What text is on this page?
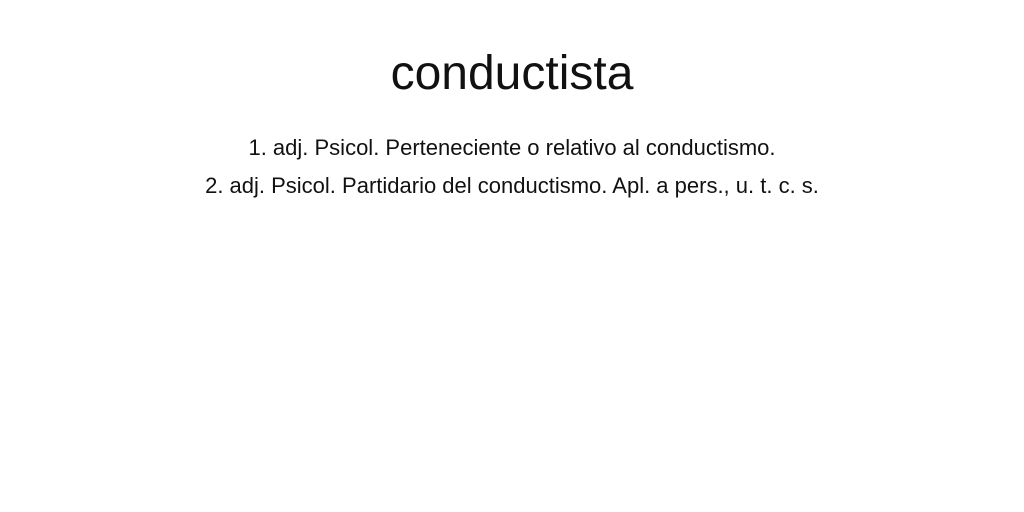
conductista
1. adj. Psicol. Perteneciente o relativo al conductismo.
2. adj. Psicol. Partidario del conductismo. Apl. a pers., u. t. c. s.
